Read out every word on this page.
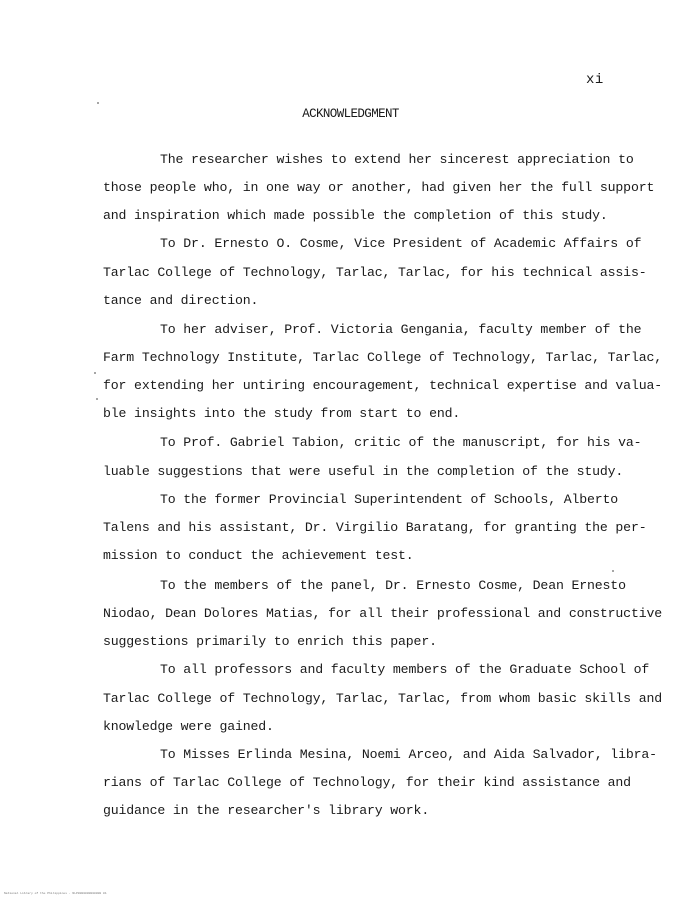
xi
ACKNOWLEDGMENT
The researcher wishes to extend her sincerest appreciation to
those people who, in one way or another, had given her the full support
and inspiration which made possible the completion of this study.
To Dr. Ernesto O. Cosme, Vice President of Academic Affairs of
Tarlac College of Technology, Tarlac, Tarlac, for his technical assis-
tance and direction.
To her adviser, Prof. Victoria Gengania, faculty member of the
Farm Technology Institute, Tarlac College of Technology, Tarlac, Tarlac,
for extending her untiring encouragement, technical expertise and valua-
ble insights into the study from start to end.
To Prof. Gabriel Tabion, critic of the manuscript, for his va-
luable suggestions that were useful in the completion of the study.
To the former Provincial Superintendent of Schools, Alberto
Talens and his assistant, Dr. Virgilio Baratang, for granting the per-
mission to conduct the achievement test.
To the members of the panel, Dr. Ernesto Cosme, Dean Ernesto
Niodao, Dean Dolores Matias, for all their professional and constructive
suggestions primarily to enrich this paper.
To all professors and faculty members of the Graduate School of
Tarlac College of Technology, Tarlac, Tarlac, from whom basic skills and
knowledge were gained.
To Misses Erlinda Mesina, Noemi Arceo, and Aida Salvador, libra-
rians of Tarlac College of Technology, for their kind assistance and
guidance in the researcher's library work.
National Library of the Philippines · NLP0000000000000 01
